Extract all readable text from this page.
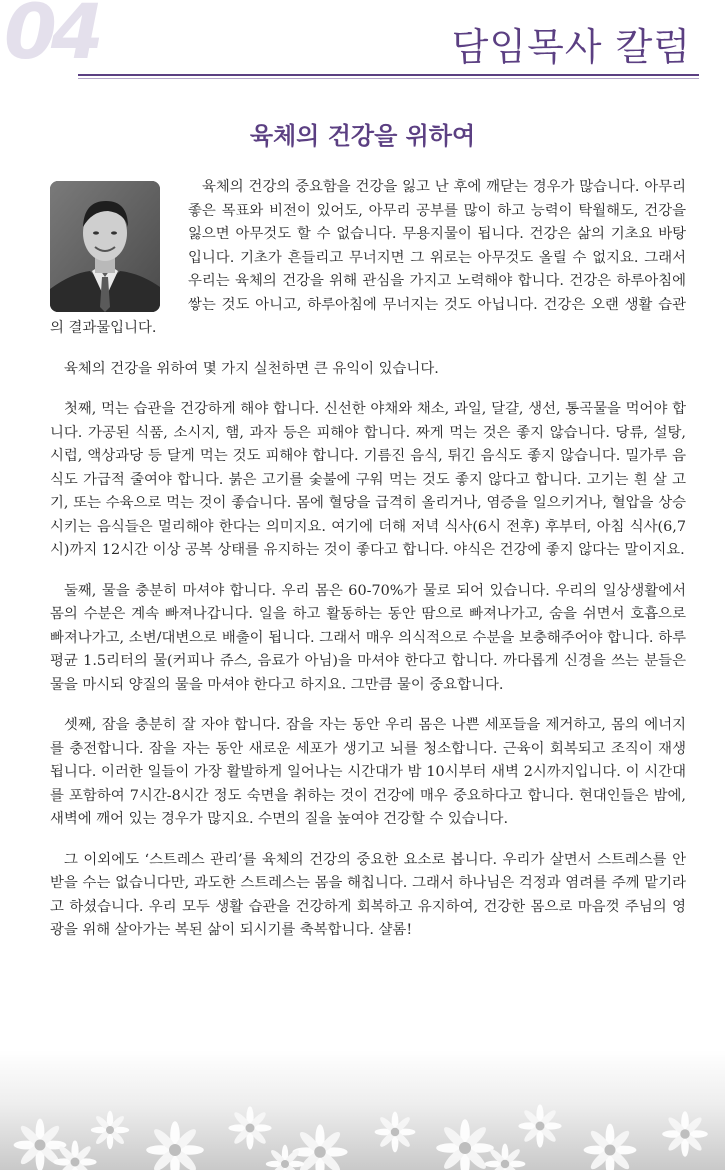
04	담임목사 칼럼
육체의 건강을 위하여

육체의 건강의 중요함을 건강을 잃고 난 후에 깨닫는 경우가 많습니다. 아무리 좋은 목표와 비전이 있어도, 아무리 공부를 많이 하고 능력이 탁월해도, 건강을 잃으면 아무것도 할 수 없습니다. 무용지물이 됩니다. 건강은 삶의 기초요 바탕입니다. 기초가 흔들리고 무너지면 그 위로는 아무것도 올릴 수 없지요. 그래서 우리는 육체의 건강을 위해 관심을 가지고 노력해야 합니다. 건강은 하루아침에 쌓는 것도 아니고, 하루아침에 무너지는 것도 아닙니다. 건강은 오랜 생활 습관의 결과물입니다.

육체의 건강을 위하여 몇 가지 실천하면 큰 유익이 있습니다.

첫째, 먹는 습관을 건강하게 해야 합니다. 신선한 야채와 채소, 과일, 달걀, 생선, 통곡물을 먹어야 합니다. 가공된 식품, 소시지, 햄, 과자 등은 피해야 합니다. 짜게 먹는 것은 좋지 않습니다. 당류, 설탕, 시럽, 액상과당 등 달게 먹는 것도 피해야 합니다. 기름진 음식, 튀긴 음식도 좋지 않습니다. 밀가루 음식도 가급적 줄여야 합니다. 붉은 고기를 숯불에 구워 먹는 것도 좋지 않다고 합니다. 고기는 흰 살 고기, 또는 수육으로 먹는 것이 좋습니다. 몸에 혈당을 급격히 올리거나, 염증을 일으키거나, 혈압을 상승시키는 음식들은 멀리해야 한다는 의미지요. 여기에 더해 저녁 식사(6시 전후) 후부터, 아침 식사(6,7시)까지 12시간 이상 공복 상태를 유지하는 것이 좋다고 합니다. 야식은 건강에 좋지 않다는 말이지요.

둘째, 물을 충분히 마셔야 합니다. 우리 몸은 60-70%가 물로 되어 있습니다. 우리의 일상생활에서 몸의 수분은 계속 빠져나갑니다. 일을 하고 활동하는 동안 땀으로 빠져나가고, 숨을 쉬면서 호흡으로 빠져나가고, 소변/대변으로 배출이 됩니다. 그래서 매우 의식적으로 수분을 보충해주어야 합니다. 하루 평균 1.5리터의 물(커피나 쥬스, 음료가 아님)을 마셔야 한다고 합니다. 까다롭게 신경을 쓰는 분들은 물을 마시되 양질의 물을 마셔야 한다고 하지요. 그만큼 물이 중요합니다.

셋째, 잠을 충분히 잘 자야 합니다. 잠을 자는 동안 우리 몸은 나쁜 세포들을 제거하고, 몸의 에너지를 충전합니다. 잠을 자는 동안 새로운 세포가 생기고 뇌를 청소합니다. 근육이 회복되고 조직이 재생됩니다. 이러한 일들이 가장 활발하게 일어나는 시간대가 밤 10시부터 새벽 2시까지입니다. 이 시간대를 포함하여 7시간-8시간 정도 숙면을 취하는 것이 건강에 매우 중요하다고 합니다. 현대인들은 밤에, 새벽에 깨어 있는 경우가 많지요. 수면의 질을 높여야 건강할 수 있습니다.

그 이외에도 ‘스트레스 관리’를 육체의 건강의 중요한 요소로 봅니다. 우리가 살면서 스트레스를 안 받을 수는 없습니다만, 과도한 스트레스는 몸을 해칩니다. 그래서 하나님은 걱정과 염려를 주께 맡기라고 하셨습니다. 우리 모두 생활 습관을 건강하게 회복하고 유지하여, 건강한 몸으로 마음껏 주님의 영광을 위해 살아가는 복된 삶이 되시기를 축복합니다. 샬롬!
